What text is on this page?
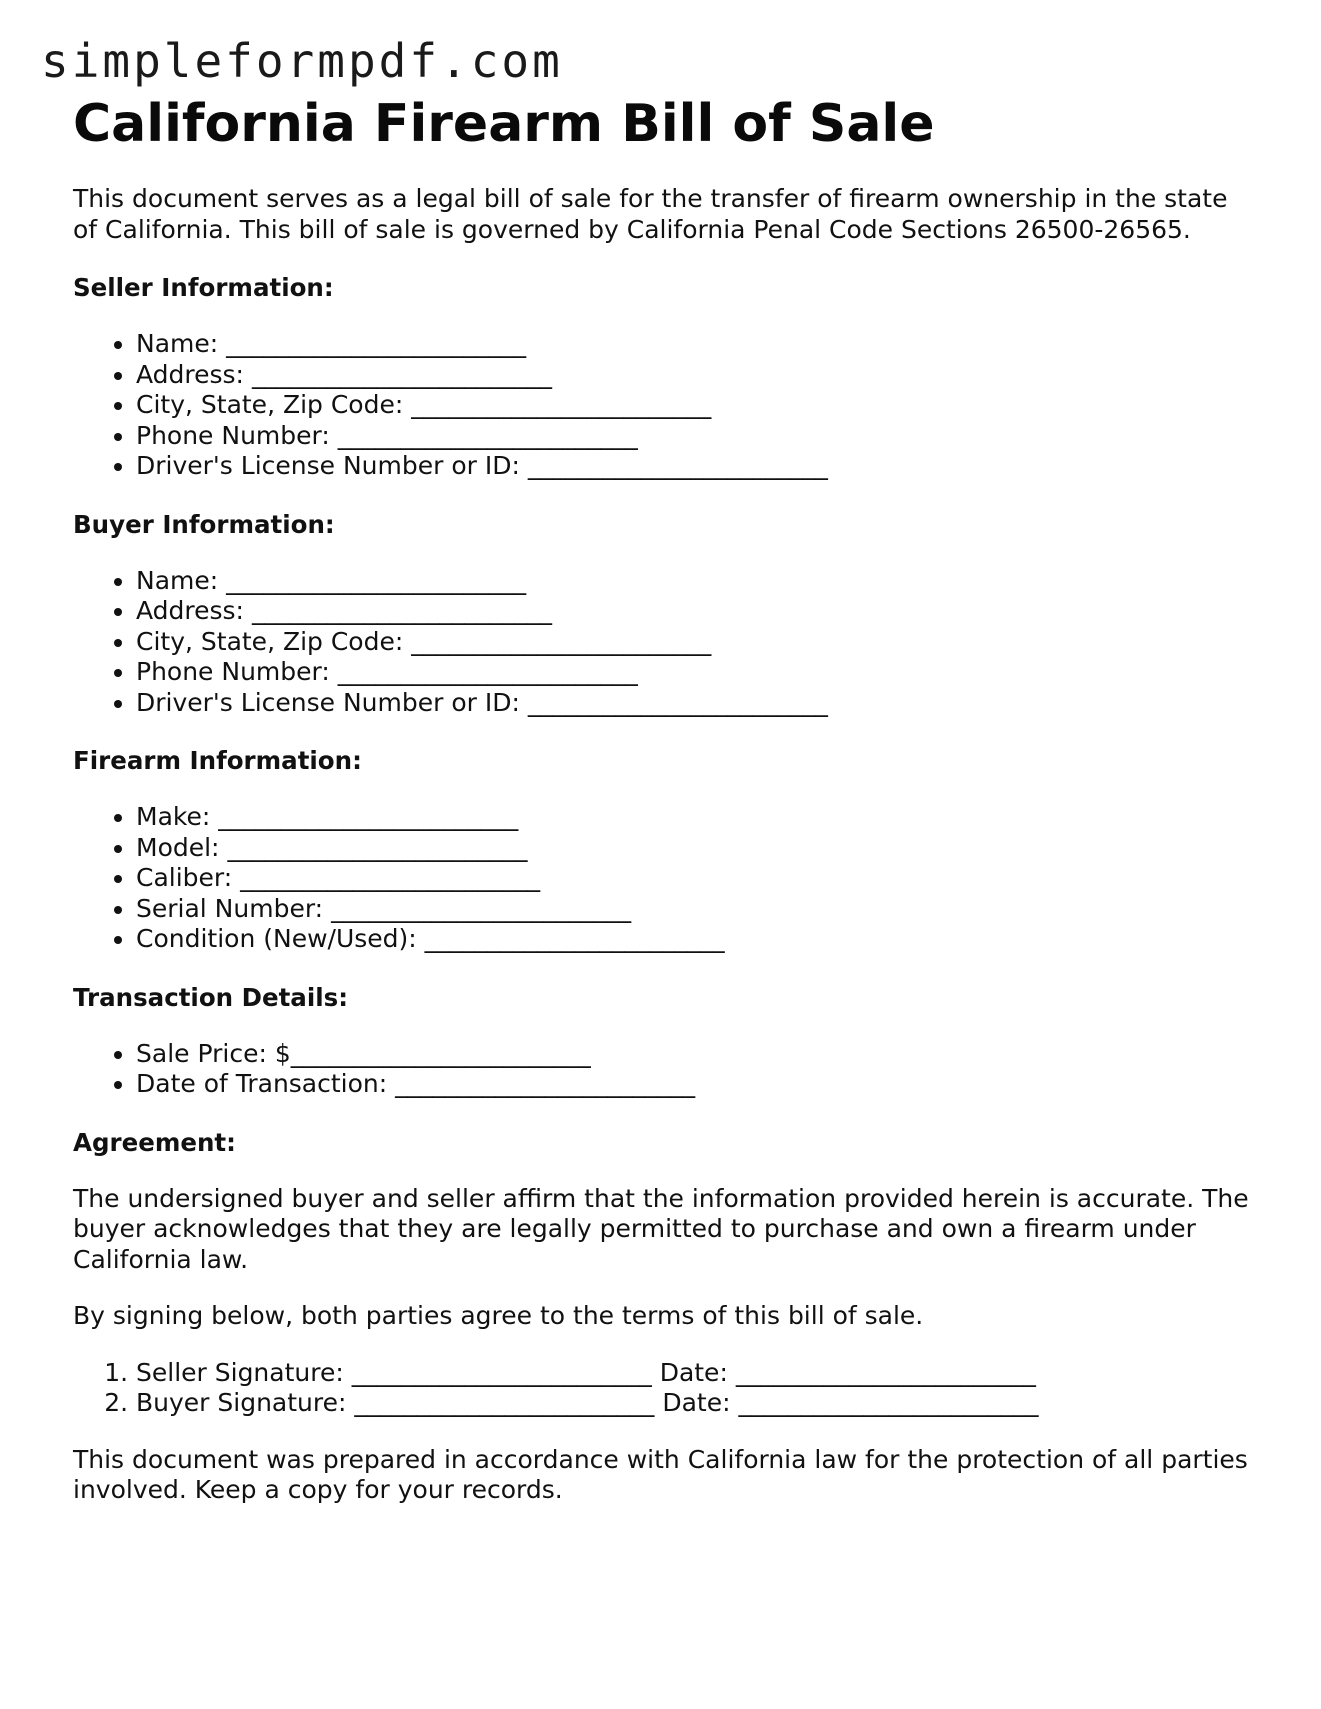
simpleformpdf.com
California Firearm Bill of Sale

This document serves as a legal bill of sale for the transfer of firearm ownership in the state of California. This bill of sale is governed by California Penal Code Sections 26500-26565.

Seller Information:
• Name: ________________________
• Address: ________________________
• City, State, Zip Code: ________________________
• Phone Number: ________________________
• Driver's License Number or ID: ________________________
Buyer Information:
• Name: ________________________
• Address: ________________________
• City, State, Zip Code: ________________________
• Phone Number: ________________________
• Driver's License Number or ID: ________________________
Firearm Information:
• Make: ________________________
• Model: ________________________
• Caliber: ________________________
• Serial Number: ________________________
• Condition (New/Used): ________________________
Transaction Details:
• Sale Price: $________________________
• Date of Transaction: ________________________
Agreement:

The undersigned buyer and seller affirm that the information provided herein is accurate. The buyer acknowledges that they are legally permitted to purchase and own a firearm under California law.

By signing below, both parties agree to the terms of this bill of sale.

1. Seller Signature: ________________________ Date: ________________________
2. Buyer Signature: ________________________ Date: ________________________

This document was prepared in accordance with California law for the protection of all parties involved. Keep a copy for your records.
